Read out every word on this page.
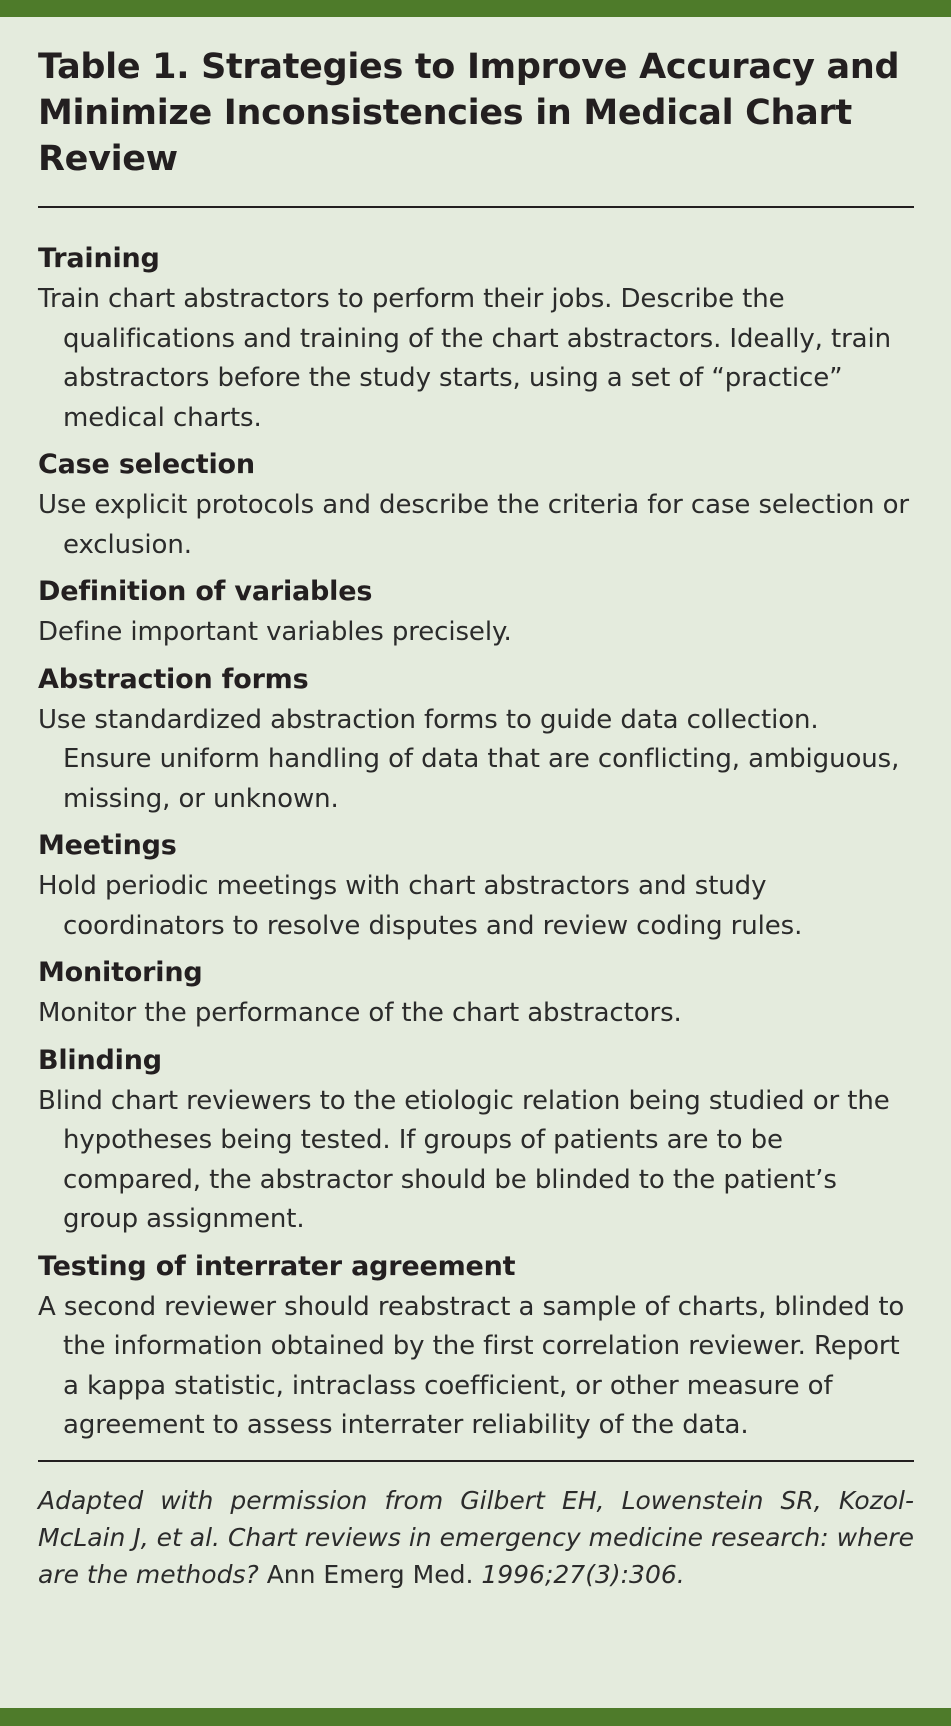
Table 1. Strategies to Improve Accuracy and Minimize Inconsistencies in Medical Chart Review
Training

Train chart abstractors to perform their jobs. Describe the qualifications and training of the chart abstractors. Ideally, train abstractors before the study starts, using a set of “practice” medical charts.

Case selection

Use explicit protocols and describe the criteria for case selection or exclusion.

Definition of variables

Define important variables precisely.

Abstraction forms

Use standardized abstraction forms to guide data collection. Ensure uniform handling of data that are conflicting, ambiguous, missing, or unknown.

Meetings

Hold periodic meetings with chart abstractors and study coordinators to resolve disputes and review coding rules.

Monitoring

Monitor the performance of the chart abstractors.

Blinding

Blind chart reviewers to the etiologic relation being studied or the hypotheses being tested. If groups of patients are to be compared, the abstractor should be blinded to the patient’s group assignment.

Testing of interrater agreement

A second reviewer should reabstract a sample of charts, blinded to the information obtained by the first correlation reviewer. Report a kappa statistic, intraclass coefficient, or other measure of agreement to assess interrater reliability of the data.

Adapted with permission from Gilbert EH, Lowenstein SR, Kozol-McLain J, et al. Chart reviews in emergency medicine research: where are the methods? Ann Emerg Med. 1996;27(3):306.
